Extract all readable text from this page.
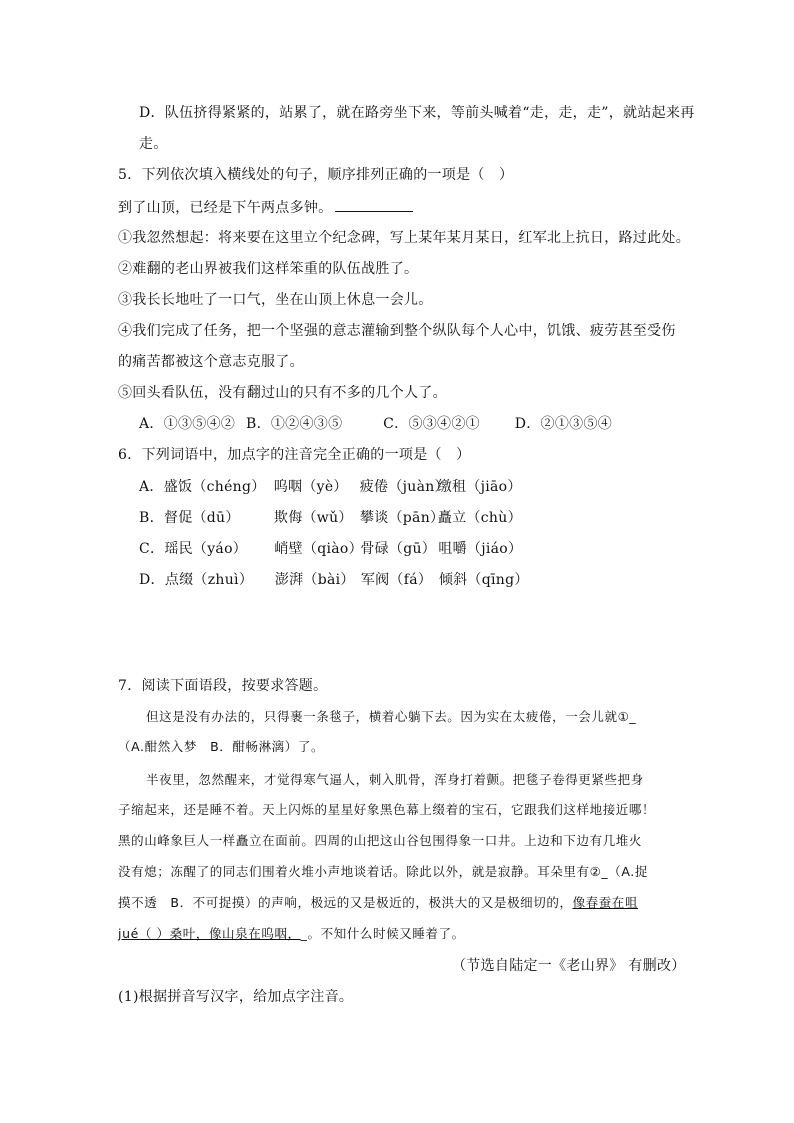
D．队伍挤得紧紧的，站累了，就在路旁坐下来，等前头喊着“走，走，走”，就站起来再
走。
5．下列依次填入横线处的句子，顺序排列正确的一项是（　）
到了山顶，已经是下午两点多钟。
①我忽然想起：将来要在这里立个纪念碑，写上某年某月某日，红军北上抗日，路过此处。
②难翻的老山界被我们这样笨重的队伍战胜了。
③我长长地吐了一口气，坐在山顶上休息一会儿。
④我们完成了任务，把一个坚强的意志灌输到整个纵队每个人心中，饥饿、疲劳甚至受伤
的痛苦都被这个意志克服了。
⑤回头看队伍，没有翻过山的只有不多的几个人了。
A．①③⑤④② B．①②④③⑤	C．⑤③④②① D．②①③⑤④
6．下列词语中，加点字的注音完全正确的一项是（　）
A．盛饭（chéng） 呜咽（yè） 疲倦（juàn）缴租（jiāo）
B．督促（dū） 欺侮（wǔ） 攀谈（pān）矗立（chù）
C．瑶民（yáo） 峭壁（qiào）骨碌（gū） 咀嚼（jiáo）
D．点缀（zhuì） 澎湃（bài） 军阀（fá） 倾斜（qīng）
7．阅读下面语段，按要求答题。
但这是没有办法的，只得裹一条毯子，横着心躺下去。因为实在太疲倦，一会儿就①_
（A.酣然入梦　B．酣畅淋漓）了。
半夜里，忽然醒来，才觉得寒气逼人，刺入肌骨，浑身打着颤。把毯子卷得更紧些把身
子缩起来，还是睡不着。天上闪烁的星星好象黑色幕上缀着的宝石，它跟我们这样地接近哪！
黑的山峰象巨人一样矗立在面前。四周的山把这山谷包围得象一口井。上边和下边有几堆火
没有熄；冻醒了的同志们围着火堆小声地谈着话。除此以外，就是寂静。耳朵里有②_（A.捉
摸不透　B．不可捉摸）的声响，极远的又是极近的，极洪大的又是极细切的，像春蚕在咀
jué（ ）桑叶，像山泉在呜咽，_。不知什么时候又睡着了。
（节选自陆定一《老山界》 有删改）
(1)根据拼音写汉字，给加点字注音。
